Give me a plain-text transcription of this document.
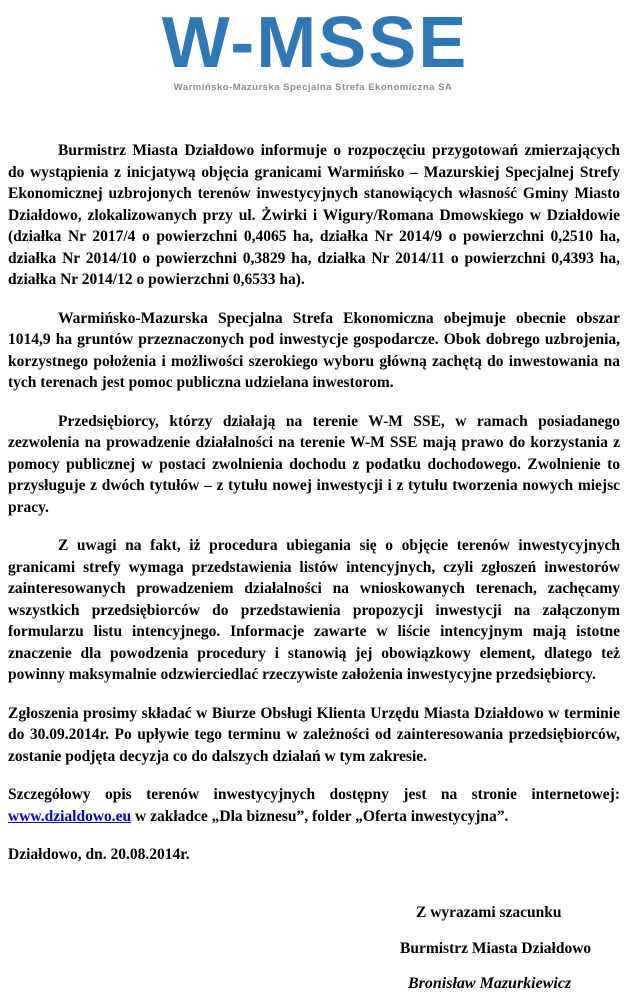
W-MSSE
Warmińsko-Mazurska Specjalna Strefa Ekonomiczna SA

Burmistrz Miasta Działdowo informuje o rozpoczęciu przygotowań zmierzających do wystąpienia z inicjatywą objęcia granicami Warmińsko – Mazurskiej Specjalnej Strefy Ekonomicznej uzbrojonych terenów inwestycyjnych stanowiących własność Gminy Miasto Działdowo, zlokalizowanych przy ul. Żwirki i Wigury/Romana Dmowskiego w Działdowie (działka Nr 2017/4 o powierzchni 0,4065 ha, działka Nr 2014/9 o powierzchni 0,2510 ha, działka Nr 2014/10 o powierzchni 0,3829 ha, działka Nr 2014/11 o powierzchni 0,4393 ha, działka Nr 2014/12 o powierzchni 0,6533 ha).

Warmińsko-Mazurska Specjalna Strefa Ekonomiczna obejmuje obecnie obszar 1014,9 ha gruntów przeznaczonych pod inwestycje gospodarcze. Obok dobrego uzbrojenia, korzystnego położenia i możliwości szerokiego wyboru główną zachętą do inwestowania na tych terenach jest pomoc publiczna udzielana inwestorom.

Przedsiębiorcy, którzy działają na terenie W-M SSE, w ramach posiadanego zezwolenia na prowadzenie działalności na terenie W-M SSE mają prawo do korzystania z pomocy publicznej w postaci zwolnienia dochodu z podatku dochodowego. Zwolnienie to przysługuje z dwóch tytułów – z tytułu nowej inwestycji i z tytułu tworzenia nowych miejsc pracy.

Z uwagi na fakt, iż procedura ubiegania się o objęcie terenów inwestycyjnych granicami strefy wymaga przedstawienia listów intencyjnych, czyli zgłoszeń inwestorów zainteresowanych prowadzeniem działalności na wnioskowanych terenach, zachęcamy wszystkich przedsiębiorców do przedstawienia propozycji inwestycji na załączonym formularzu listu intencyjnego. Informacje zawarte w liście intencyjnym mają istotne znaczenie dla powodzenia procedury i stanowią jej obowiązkowy element, dlatego też powinny maksymalnie odzwierciedlać rzeczywiste założenia inwestycyjne przedsiębiorcy.

Zgłoszenia prosimy składać w Biurze Obsługi Klienta Urzędu Miasta Działdowo w terminie do 30.09.2014r. Po upływie tego terminu w zależności od zainteresowania przedsiębiorców, zostanie podjęta decyzja co do dalszych działań w tym zakresie.

Szczegółowy opis terenów inwestycyjnych dostępny jest na stronie internetowej: www.dzialdowo.eu w zakładce „Dla biznesu”, folder „Oferta inwestycyjna”.

Działdowo, dn. 20.08.2014r.

Z wyrazami szacunku
Burmistrz Miasta Działdowo
Bronisław Mazurkiewicz
